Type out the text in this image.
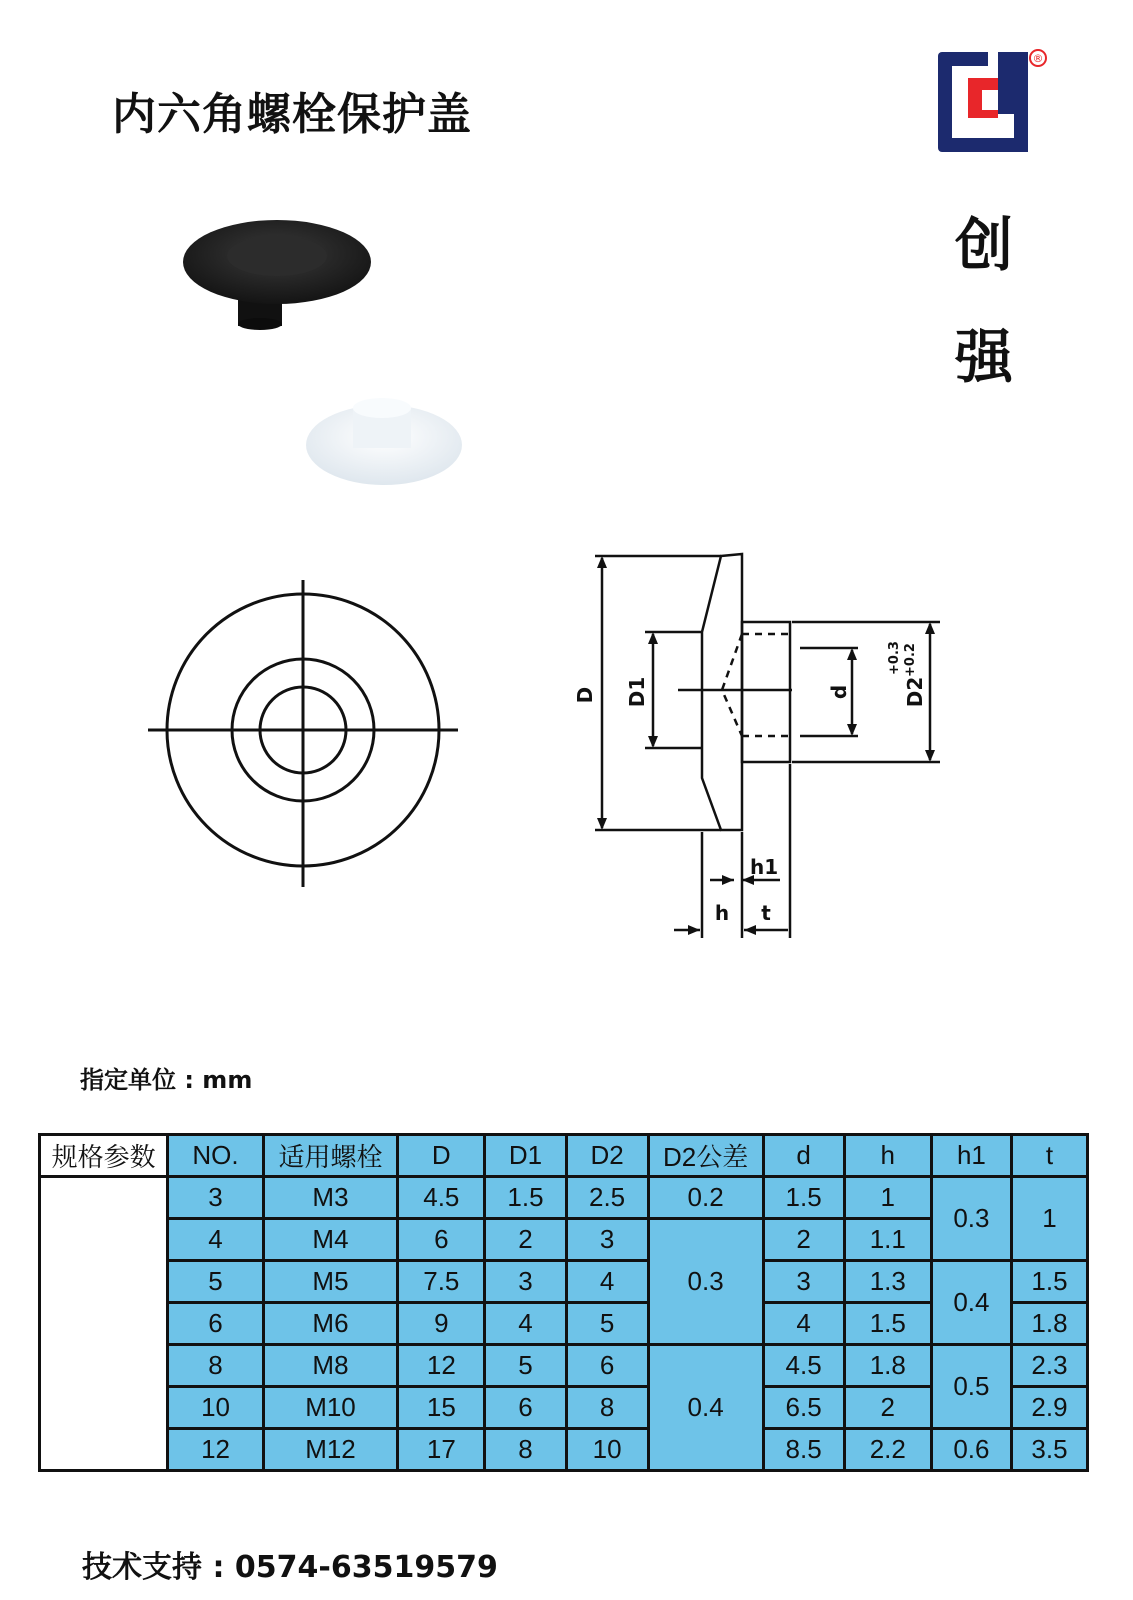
内六角螺栓保护盖
®
创
强
D D1	d	D2
+0.3 +0.2
h1
h t
指定单位 : mm
规格参数	NO.	适用螺栓	D	D1	D2	D2公差	d	h	h1	t
	3	M3	4.5	1.5	2.5	0.2	1.5	1	0.3	1
	4	M4	6	2	3	0.3	2	1.1		
	5	M5	7.5	3	4		3	1.3	0.4	1.5
	6	M6	9	4	5		4	1.5		1.8
	8	M8	12	5	6	0.4	4.5	1.8	0.5	2.3
	10	M10	15	6	8		6.5	2		2.9
	12	M12	17	8	10		8.5	2.2	0.6	3.5
技术支持 : 0574-63519579
